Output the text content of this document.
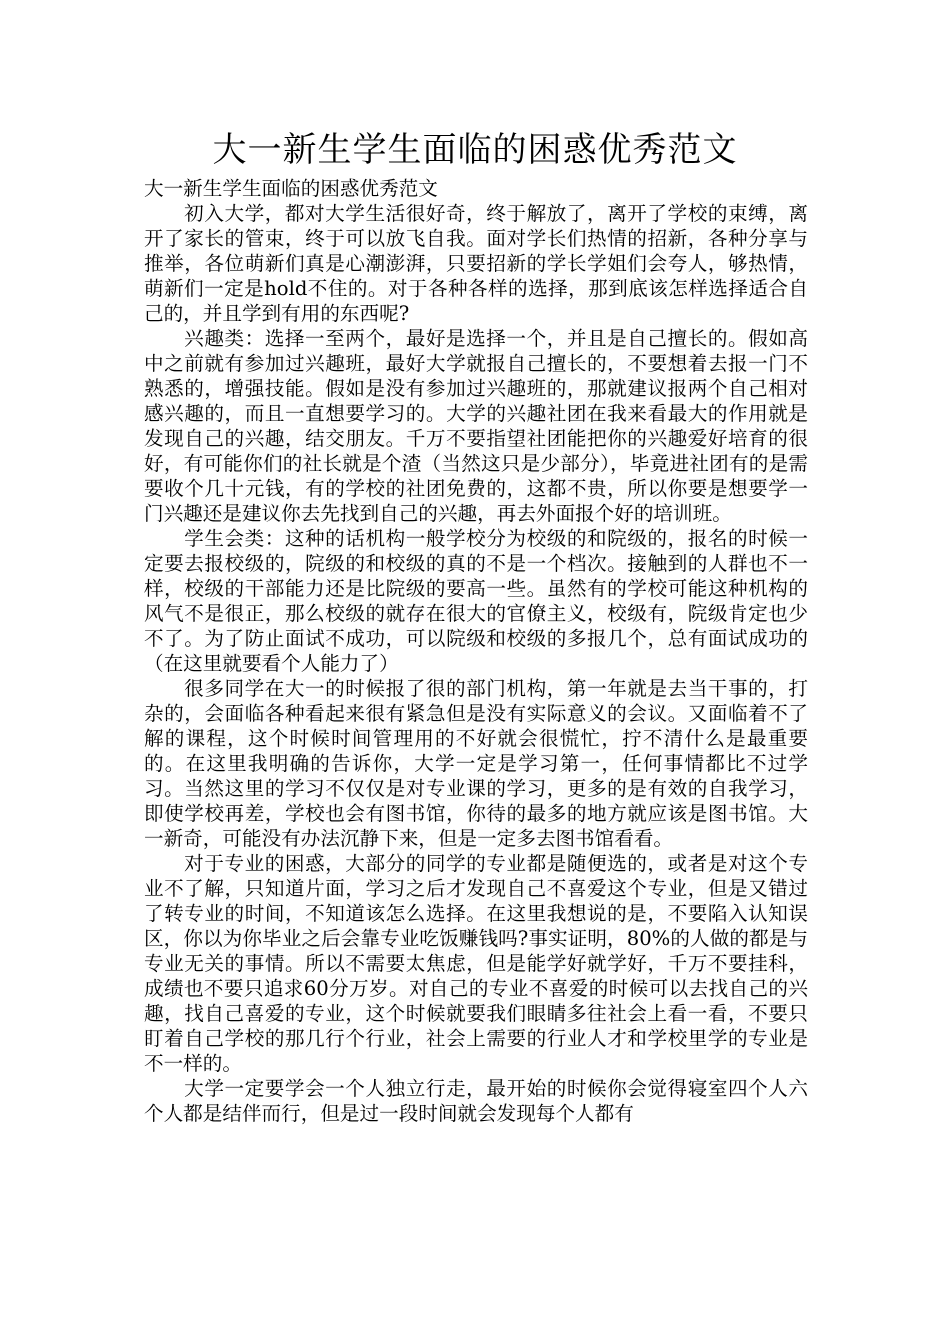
大一新生学生面临的困惑优秀范文

大一新生学生面临的困惑优秀范文

初入大学，都对大学生活很好奇，终于解放了，离开了学校的束缚，离开了家长的管束，终于可以放飞自我。面对学长们热情的招新，各种分享与推举，各位萌新们真是心潮澎湃，只要招新的学长学姐们会夸人，够热情，萌新们一定是hold不住的。对于各种各样的选择，那到底该怎样选择适合自己的，并且学到有用的东西呢?

兴趣类：选择一至两个，最好是选择一个，并且是自己擅长的。假如高中之前就有参加过兴趣班，最好大学就报自己擅长的，不要想着去报一门不熟悉的，增强技能。假如是没有参加过兴趣班的，那就建议报两个自己相对感兴趣的，而且一直想要学习的。大学的兴趣社团在我来看最大的作用就是发现自己的兴趣，结交朋友。千万不要指望社团能把你的兴趣爱好培育的很好，有可能你们的社长就是个渣（当然这只是少部分），毕竟进社团有的是需要收个几十元钱，有的学校的社团免费的，这都不贵，所以你要是想要学一门兴趣还是建议你去先找到自己的兴趣，再去外面报个好的培训班。

学生会类：这种的话机构一般学校分为校级的和院级的，报名的时候一定要去报校级的，院级的和校级的真的不是一个档次。接触到的人群也不一样，校级的干部能力还是比院级的要高一些。虽然有的学校可能这种机构的风气不是很正，那么校级的就存在很大的官僚主义，校级有，院级肯定也少不了。为了防止面试不成功，可以院级和校级的多报几个，总有面试成功的（在这里就要看个人能力了）

很多同学在大一的时候报了很的部门机构，第一年就是去当干事的，打杂的，会面临各种看起来很有紧急但是没有实际意义的会议。又面临着不了解的课程，这个时候时间管理用的不好就会很慌忙，拧不清什么是最重要的。在这里我明确的告诉你，大学一定是学习第一，任何事情都比不过学习。当然这里的学习不仅仅是对专业课的学习，更多的是有效的自我学习，即使学校再差，学校也会有图书馆，你待的最多的地方就应该是图书馆。大一新奇，可能没有办法沉静下来，但是一定多去图书馆看看。

对于专业的困惑，大部分的同学的专业都是随便选的，或者是对这个专业不了解，只知道片面，学习之后才发现自己不喜爱这个专业，但是又错过了转专业的时间，不知道该怎么选择。在这里我想说的是，不要陷入认知误区，你以为你毕业之后会靠专业吃饭赚钱吗?事实证明，80%的人做的都是与专业无关的事情。所以不需要太焦虑，但是能学好就学好，千万不要挂科，成绩也不要只追求60分万岁。对自己的专业不喜爱的时候可以去找自己的兴趣，找自己喜爱的专业，这个时候就要我们眼睛多往社会上看一看，不要只盯着自己学校的那几行个行业，社会上需要的行业人才和学校里学的专业是不一样的。

大学一定要学会一个人独立行走，最开始的时候你会觉得寝室四个人六个人都是结伴而行，但是过一段时间就会发现每个人都有
